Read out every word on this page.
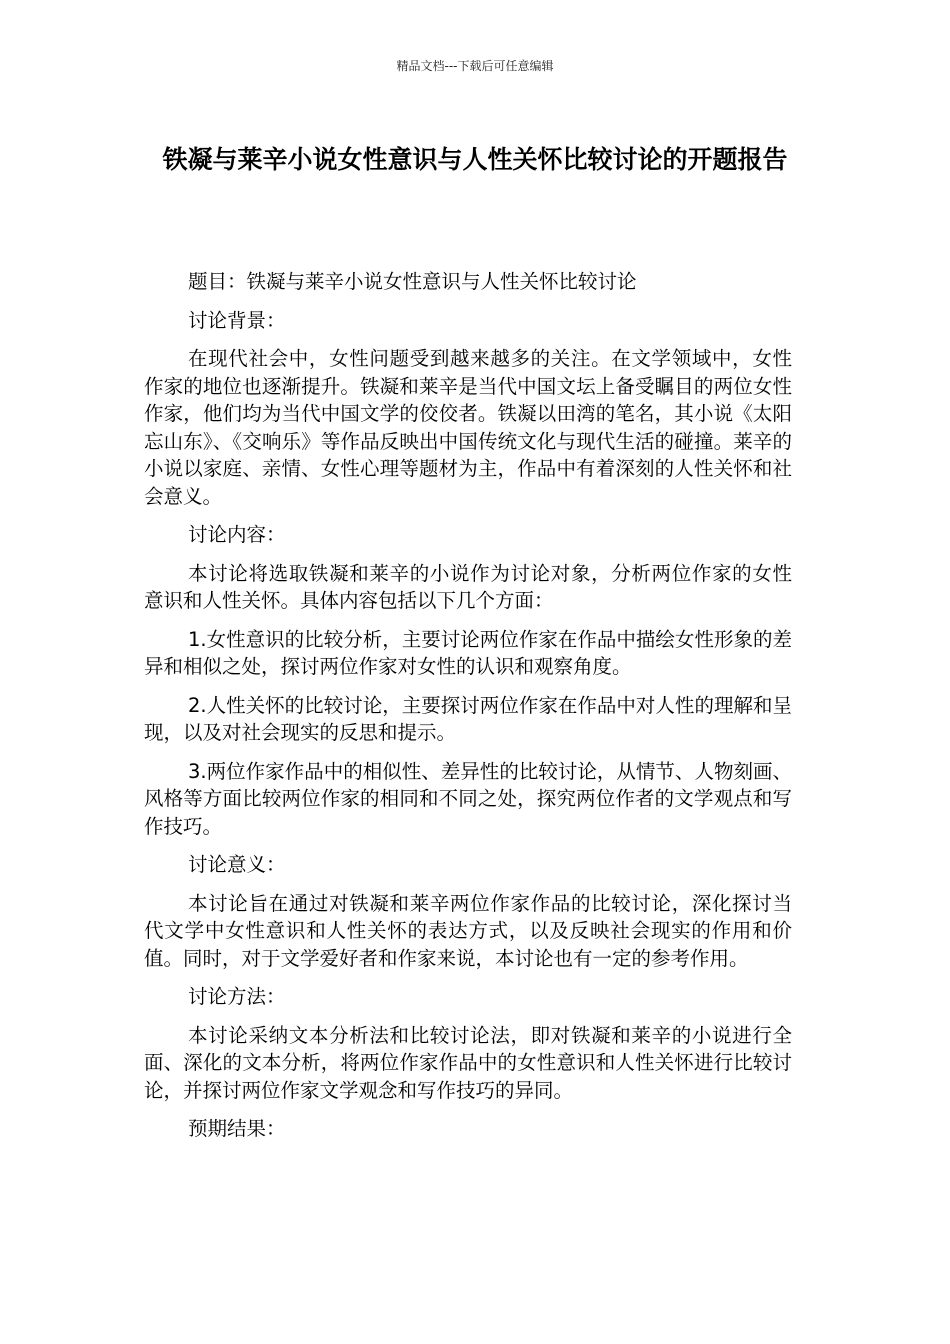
精品文档---下载后可任意编辑
铁凝与莱辛小说女性意识与人性关怀比较讨论的开题报告

题目：铁凝与莱辛小说女性意识与人性关怀比较讨论

讨论背景：

在现代社会中，女性问题受到越来越多的关注。在文学领域中，女性作家的地位也逐渐提升。铁凝和莱辛是当代中国文坛上备受瞩目的两位女性作家，他们均为当代中国文学的佼佼者。铁凝以田湾的笔名，其小说《太阳忘山东》、《交响乐》等作品反映出中国传统文化与现代生活的碰撞。莱辛的小说以家庭、亲情、女性心理等题材为主，作品中有着深刻的人性关怀和社会意义。

讨论内容：

本讨论将选取铁凝和莱辛的小说作为讨论对象，分析两位作家的女性意识和人性关怀。具体内容包括以下几个方面：

1.女性意识的比较分析，主要讨论两位作家在作品中描绘女性形象的差异和相似之处，探讨两位作家对女性的认识和观察角度。

2.人性关怀的比较讨论，主要探讨两位作家在作品中对人性的理解和呈现，以及对社会现实的反思和提示。

3.两位作家作品中的相似性、差异性的比较讨论，从情节、人物刻画、风格等方面比较两位作家的相同和不同之处，探究两位作者的文学观点和写作技巧。

讨论意义：

本讨论旨在通过对铁凝和莱辛两位作家作品的比较讨论，深化探讨当代文学中女性意识和人性关怀的表达方式，以及反映社会现实的作用和价值。同时，对于文学爱好者和作家来说，本讨论也有一定的参考作用。

讨论方法：

本讨论采纳文本分析法和比较讨论法，即对铁凝和莱辛的小说进行全面、深化的文本分析，将两位作家作品中的女性意识和人性关怀进行比较讨论，并探讨两位作家文学观念和写作技巧的异同。

预期结果：
